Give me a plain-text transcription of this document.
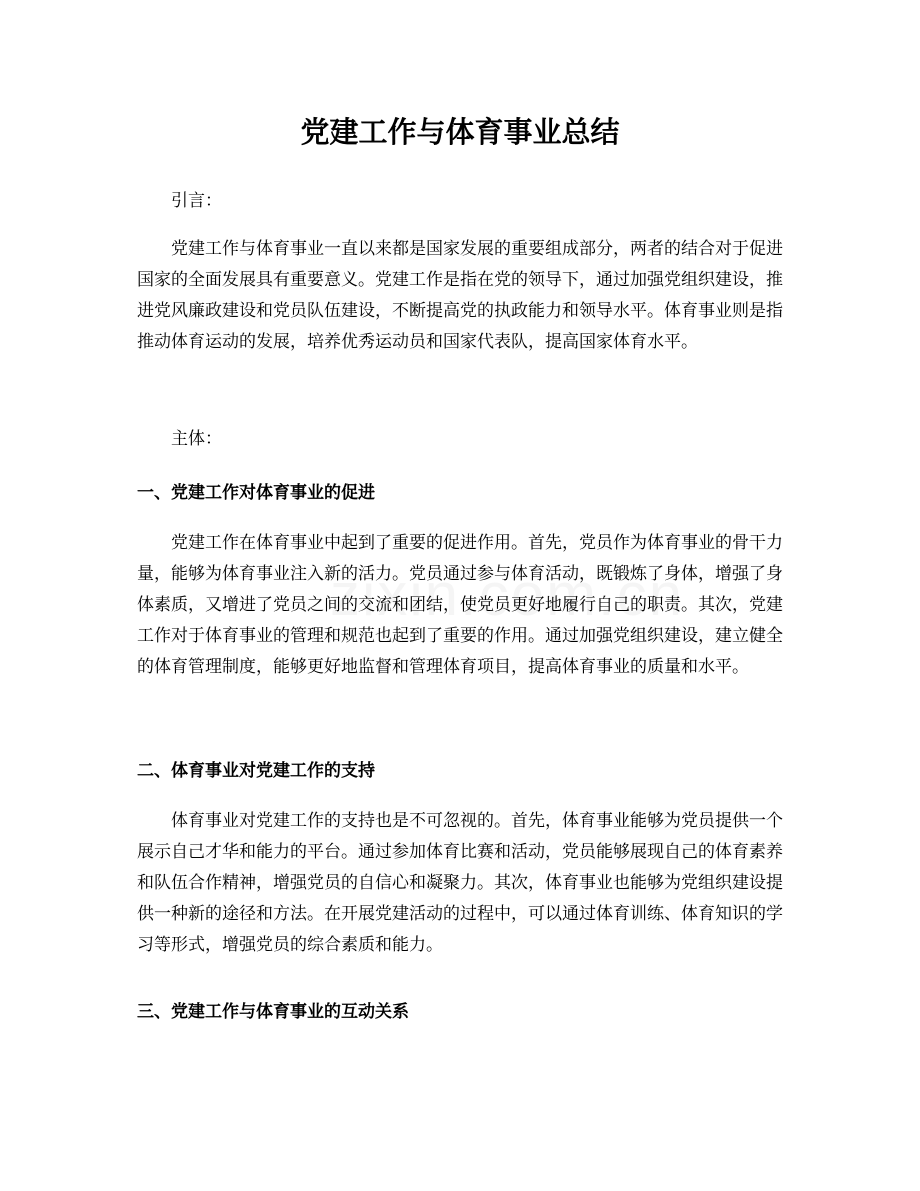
党建工作与体育事业总结

引言：

党建工作与体育事业一直以来都是国家发展的重要组成部分，两者的结合对于促进国家的全面发展具有重要意义。党建工作是指在党的领导下，通过加强党组织建设，推进党风廉政建设和党员队伍建设，不断提高党的执政能力和领导水平。体育事业则是指推动体育运动的发展，培养优秀运动员和国家代表队，提高国家体育水平。

主体：

一、党建工作对体育事业的促进

党建工作在体育事业中起到了重要的促进作用。首先，党员作为体育事业的骨干力量，能够为体育事业注入新的活力。党员通过参与体育活动，既锻炼了身体，增强了身体素质，又增进了党员之间的交流和团结，使党员更好地履行自己的职责。其次，党建工作对于体育事业的管理和规范也起到了重要的作用。通过加强党组织建设，建立健全的体育管理制度，能够更好地监督和管理体育项目，提高体育事业的质量和水平。

二、体育事业对党建工作的支持

体育事业对党建工作的支持也是不可忽视的。首先，体育事业能够为党员提供一个展示自己才华和能力的平台。通过参加体育比赛和活动，党员能够展现自己的体育素养和队伍合作精神，增强党员的自信心和凝聚力。其次，体育事业也能够为党组织建设提供一种新的途径和方法。在开展党建活动的过程中，可以通过体育训练、体育知识的学习等形式，增强党员的综合素质和能力。

三、党建工作与体育事业的互动关系
